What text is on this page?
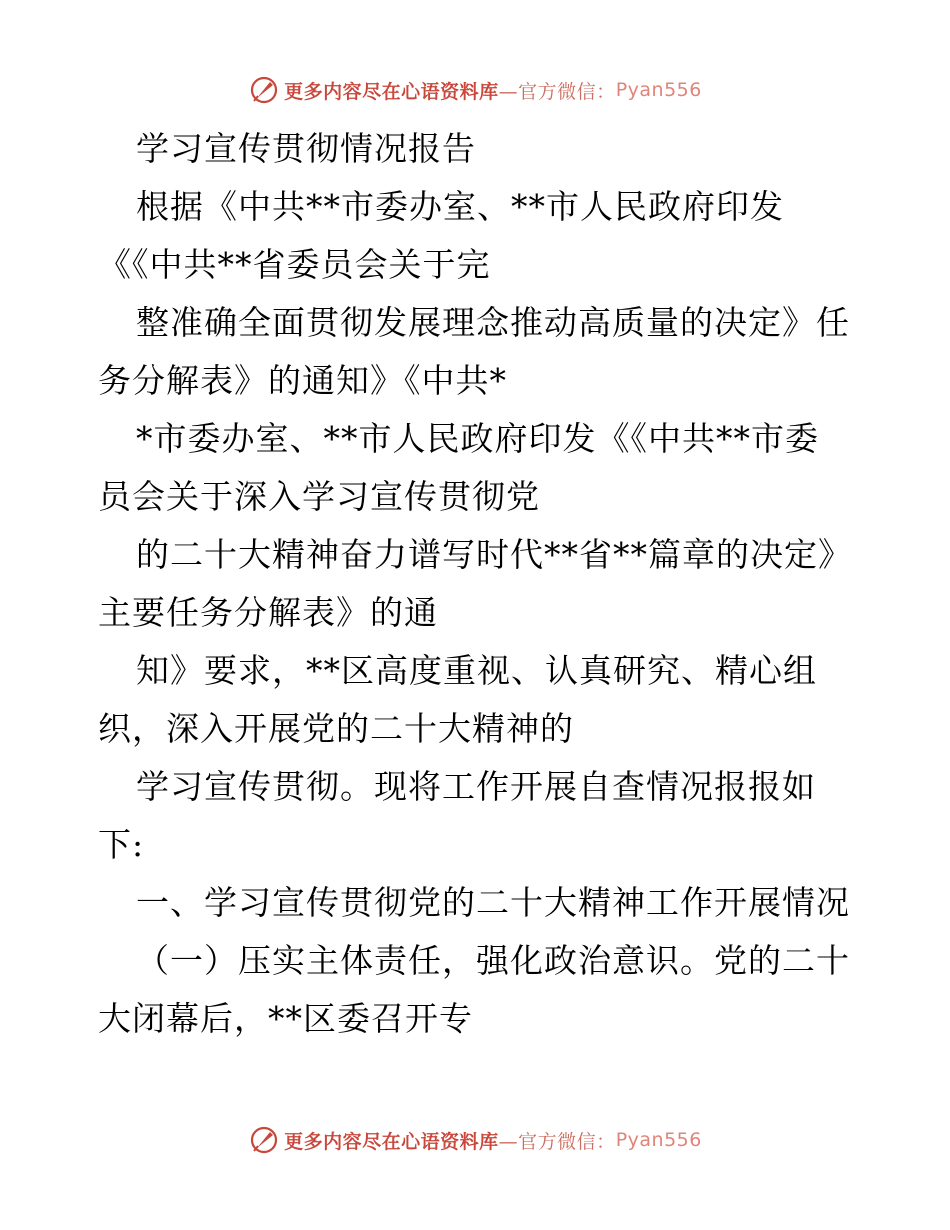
更多内容尽在心语资料库 —官方微信： Pyan556
学习宣传贯彻情况报告
根据《中共**市委办室、**市人民政府印发
《《中共**省委员会关于完
整准确全面贯彻发展理念推动高质量的决定》任
务分解表》的通知》《中共*
*市委办室、**市人民政府印发《《中共**市委
员会关于深入学习宣传贯彻党
的二十大精神奋力谱写时代**省**篇章的决定》
主要任务分解表》的通
知》要求，**区高度重视、认真研究、精心组
织，深入开展党的二十大精神的
学习宣传贯彻。现将工作开展自查情况报报如
下:
一、学习宣传贯彻党的二十大精神工作开展情况
（一）压实主体责任，强化政治意识。党的二十
大闭幕后，**区委召开专
更多内容尽在心语资料库 —官方微信： Pyan556
